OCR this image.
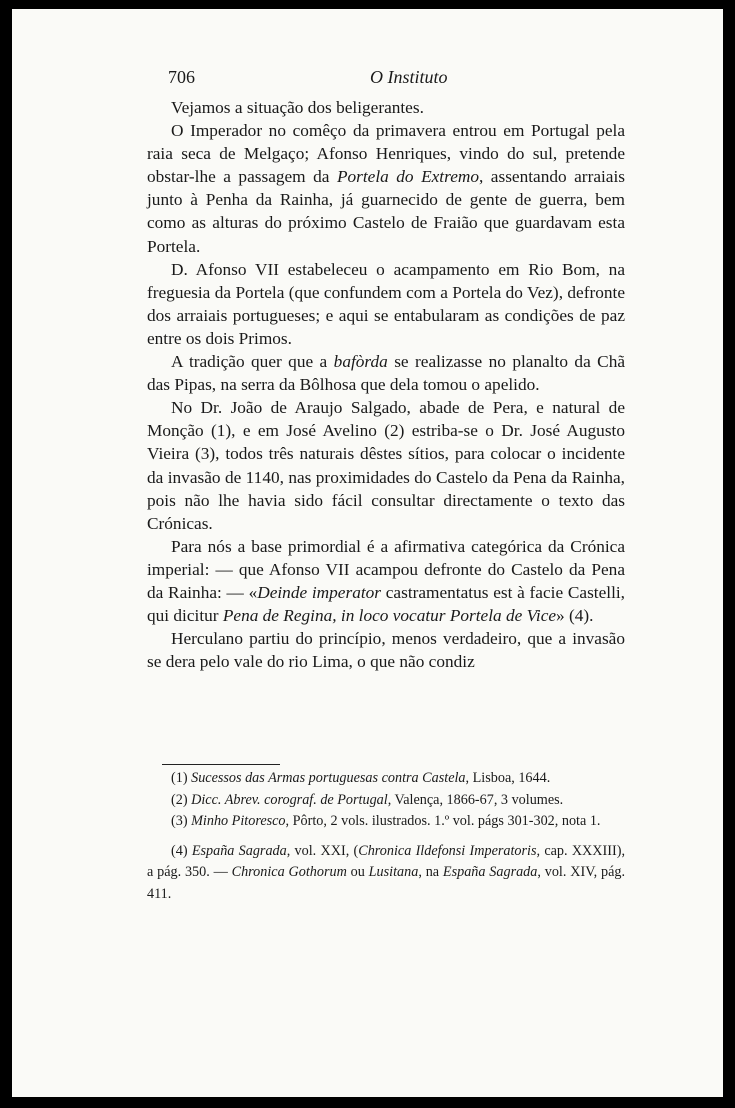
706	O Instituto

Vejamos a situação dos beligerantes.

O Imperador no comêço da primavera entrou em Portugal pela raia seca de Melgaço; Afonso Henriques, vindo do sul, pretende obstar-lhe a passagem da Portela do Extremo, assentando arraiais junto à Penha da Rainha, já guarnecido de gente de guerra, bem como as alturas do próximo Castelo de Fraião que guardavam esta Portela.

D. Afonso VII estabeleceu o acampamento em Rio Bom, na freguesia da Portela (que confundem com a Portela do Vez), defronte dos arraiais portugueses; e aqui se entabularam as condições de paz entre os dois Primos.

A tradição quer que a bafòrda se realizasse no planalto da Chã das Pipas, na serra da Bôlhosa que dela tomou o apelido.

No Dr. João de Araujo Salgado, abade de Pera, e natural de Monção (1), e em José Avelino (2) estriba-se o Dr. José Augusto Vieira (3), todos três naturais dêstes sítios, para colocar o incidente da invasão de 1140, nas proximidades do Castelo da Pena da Rainha, pois não lhe havia sido fácil consultar directamente o texto das Crónicas.

Para nós a base primordial é a afirmativa categórica da Crónica imperial: — que Afonso VII acampou defronte do Castelo da Pena da Rainha: — «Deinde imperator castramentatus est à facie Castelli, qui dicitur Pena de Regina, in loco vocatur Portela de Vice» (4).

Herculano partiu do princípio, menos verdadeiro, que a invasão se dera pelo vale do rio Lima, o que não condiz

(1) Sucessos das Armas portuguesas contra Castela, Lisboa, 1644.

(2) Dicc. Abrev. corograf. de Portugal, Valença, 1866-67, 3 volumes.

(3) Minho Pitoresco, Pôrto, 2 vols. ilustrados. 1.º vol. págs 301-302, nota 1.

(4) España Sagrada, vol. XXI, (Chronica Ildefonsi Imperatoris, cap. XXXIII), a pág. 350. — Chronica Gothorum ou Lusitana, na España Sagrada, vol. XIV, pág. 411.
